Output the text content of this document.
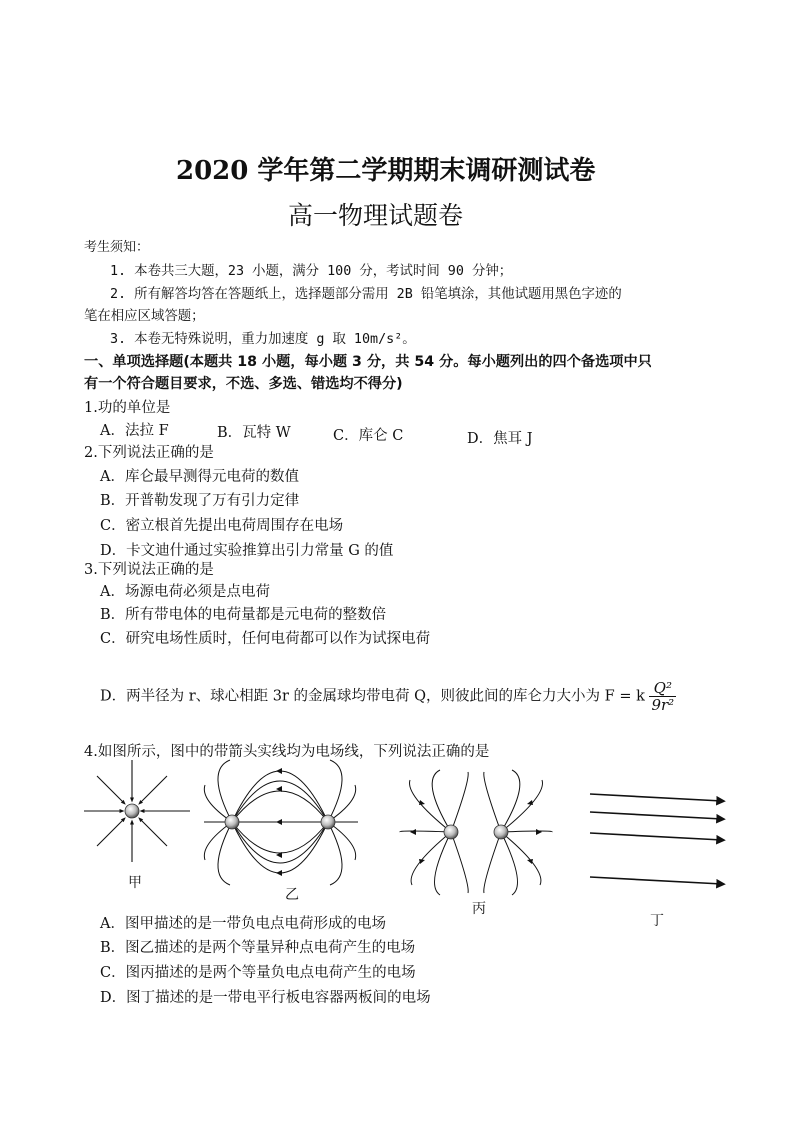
2020 学年第二学期期末调研测试卷
高一物理试题卷
考生须知：
1. 本卷共三大题，23 小题，满分 100 分，考试时间 90 分钟；
2. 所有解答均答在答题纸上，选择题部分需用 2B 铅笔填涂，其他试题用黑色字迹的
笔在相应区域答题；
3. 本卷无特殊说明，重力加速度 g 取 10m/s²。
一、单项选择题(本题共 18 小题，每小题 3 分，共 54 分。每小题列出的四个备选项中只
有一个符合题目要求，不选、多选、错选均不得分)
1.功的单位是
A．法拉 F	B．瓦特 W	C．库仑 C	D．焦耳 J
2.下列说法正确的是
A．库仑最早测得元电荷的数值
B．开普勒发现了万有引力定律
C．密立根首先提出电荷周围存在电场
D．卡文迪什通过实验推算出引力常量 G 的值
3.下列说法正确的是
A．场源电荷必须是点电荷
B．所有带电体的电荷量都是元电荷的整数倍
C．研究电场性质时，任何电荷都可以作为试探电荷
D．两半径为 r、球心相距 3r 的金属球均带电荷 Q，则彼此间的库仑力大小为 F = k $\frac{\text{Q²}}{\text{9r²}}$
4.如图所示，图中的带箭头实线均为电场线，下列说法正确的是
甲
乙
丙
丁
A．图甲描述的是一带负电点电荷形成的电场
B．图乙描述的是两个等量异种点电荷产生的电场
C．图丙描述的是两个等量负电点电荷产生的电场
D．图丁描述的是一带电平行板电容器两板间的电场
